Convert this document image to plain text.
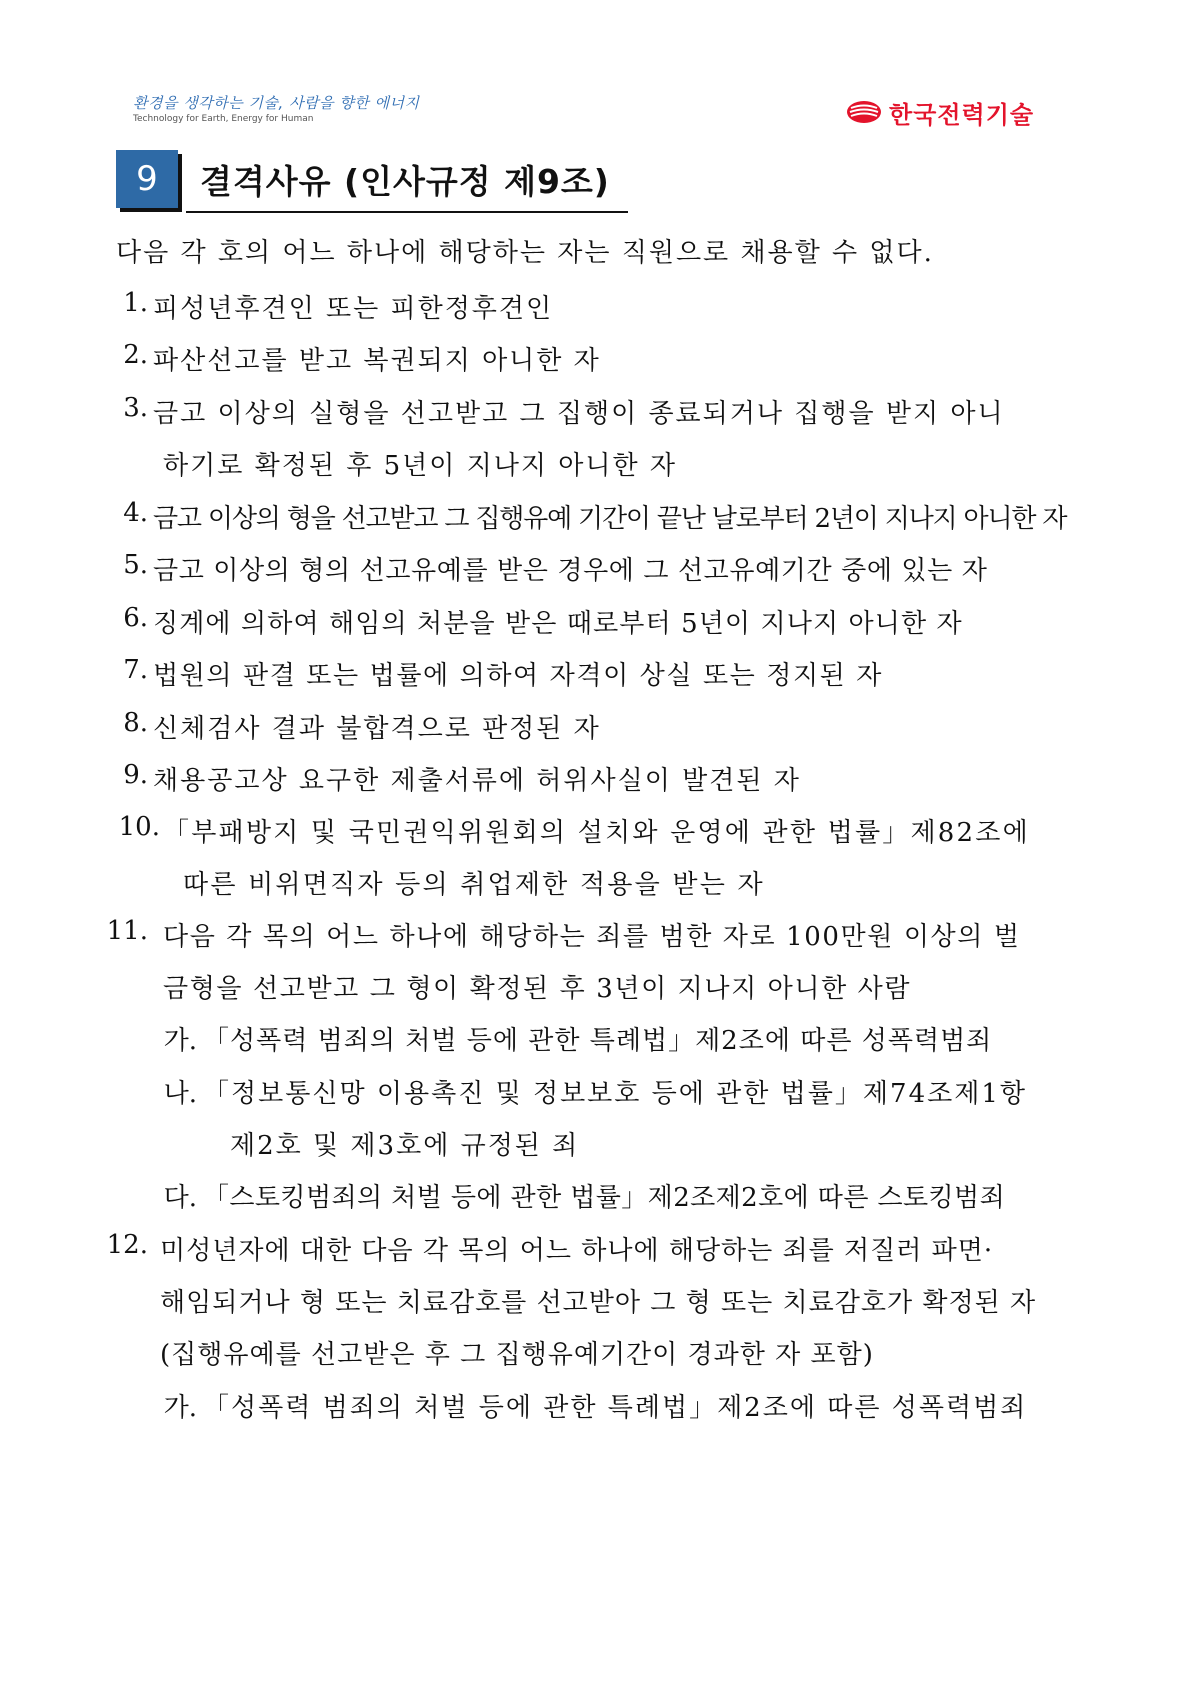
환경을 생각하는 기술, 사람을 향한 에너지
Technology for Earth, Energy for Human	한국전력기술
9	결격사유 (인사규정 제9조)
다음 각 호의 어느 하나에 해당하는 자는 직원으로 채용할 수 없다.
1. 피성년후견인 또는 피한정후견인
2. 파산선고를 받고 복권되지 아니한 자
3. 금고 이상의 실형을 선고받고 그 집행이 종료되거나 집행을 받지 아니
하기로 확정된 후 5년이 지나지 아니한 자
4. 금고 이상의 형을 선고받고 그 집행유예 기간이 끝난 날로부터 2년이 지나지 아니한 자
5. 금고 이상의 형의 선고유예를 받은 경우에 그 선고유예기간 중에 있는 자
6. 징계에 의하여 해임의 처분을 받은 때로부터 5년이 지나지 아니한 자
7. 법원의 판결 또는 법률에 의하여 자격이 상실 또는 정지된 자
8. 신체검사 결과 불합격으로 판정된 자
9. 채용공고상 요구한 제출서류에 허위사실이 발견된 자
10. 「부패방지 및 국민권익위원회의 설치와 운영에 관한 법률」제82조에
따른 비위면직자 등의 취업제한 적용을 받는 자
11. 다음 각 목의 어느 하나에 해당하는 죄를 범한 자로 100만원 이상의 벌
금형을 선고받고 그 형이 확정된 후 3년이 지나지 아니한 사람
가. 「성폭력 범죄의 처벌 등에 관한 특례법」제2조에 따른 성폭력범죄
나. 「정보통신망 이용촉진 및 정보보호 등에 관한 법률」제74조제1항
제2호 및 제3호에 규정된 죄
다. 「스토킹범죄의 처벌 등에 관한 법률」제2조제2호에 따른 스토킹범죄
12. 미성년자에 대한 다음 각 목의 어느 하나에 해당하는 죄를 저질러 파면·
해임되거나 형 또는 치료감호를 선고받아 그 형 또는 치료감호가 확정된 자
(집행유예를 선고받은 후 그 집행유예기간이 경과한 자 포함)
가. 「성폭력 범죄의 처벌 등에 관한 특례법」제2조에 따른 성폭력범죄
